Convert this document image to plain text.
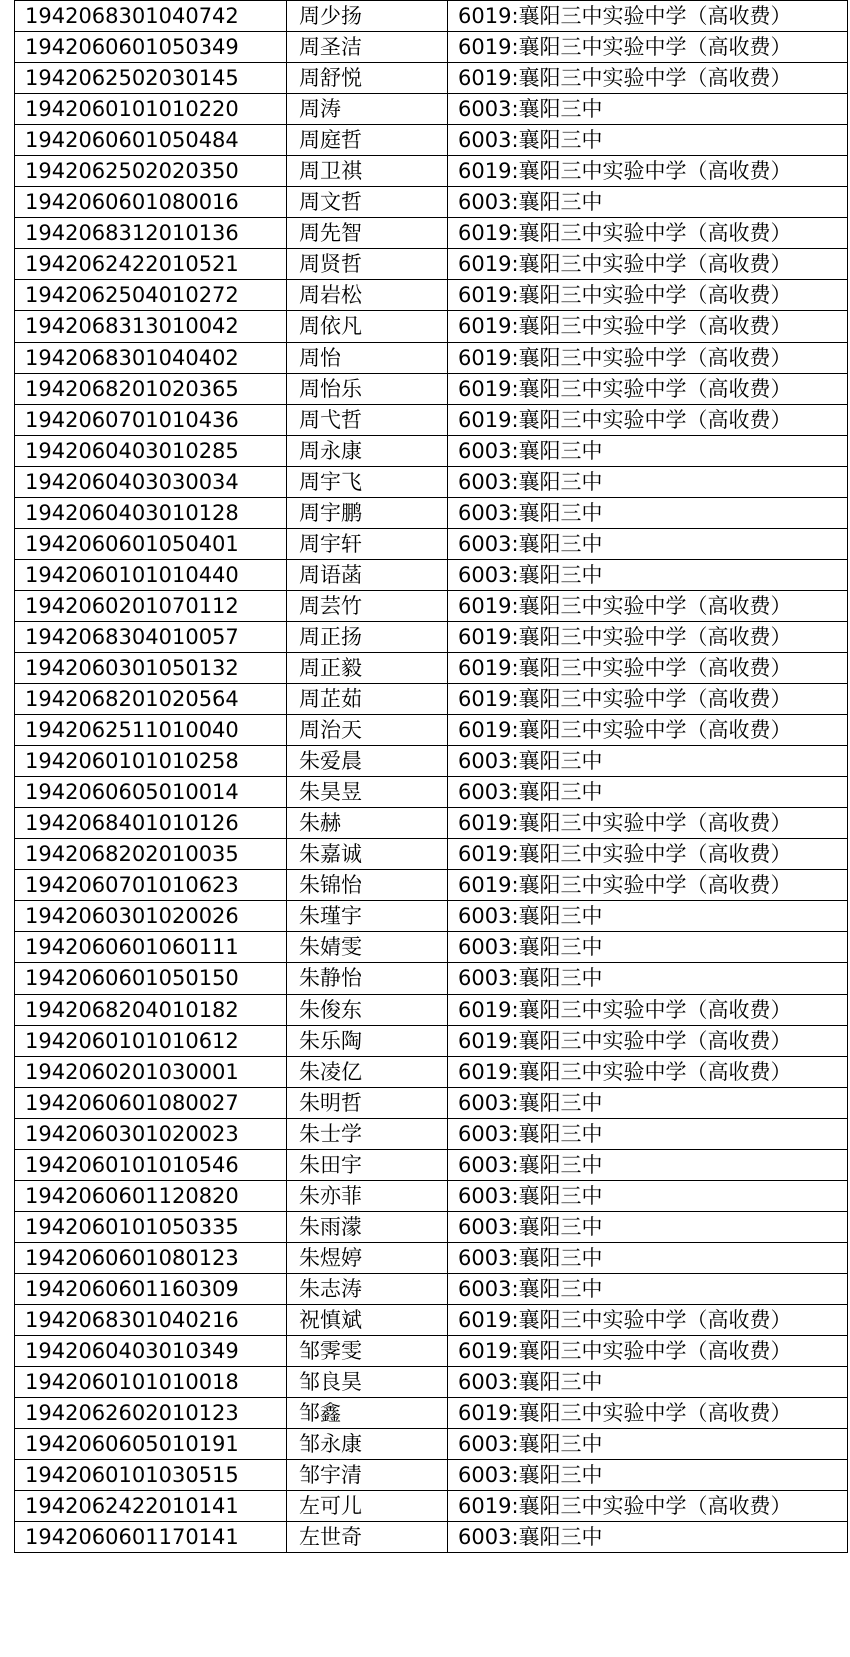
1942068301040742	周少扬	6019:襄阳三中实验中学（高收费）
1942060601050349	周圣洁	6019:襄阳三中实验中学（高收费）
1942062502030145	周舒悦	6019:襄阳三中实验中学（高收费）
1942060101010220	周涛	6003:襄阳三中
1942060601050484	周庭哲	6003:襄阳三中
1942062502020350	周卫祺	6019:襄阳三中实验中学（高收费）
1942060601080016	周文哲	6003:襄阳三中
1942068312010136	周先智	6019:襄阳三中实验中学（高收费）
1942062422010521	周贤哲	6019:襄阳三中实验中学（高收费）
1942062504010272	周岩松	6019:襄阳三中实验中学（高收费）
1942068313010042	周依凡	6019:襄阳三中实验中学（高收费）
1942068301040402	周怡	6019:襄阳三中实验中学（高收费）
1942068201020365	周怡乐	6019:襄阳三中实验中学（高收费）
1942060701010436	周弋哲	6019:襄阳三中实验中学（高收费）
1942060403010285	周永康	6003:襄阳三中
1942060403030034	周宇飞	6003:襄阳三中
1942060403010128	周宇鹏	6003:襄阳三中
1942060601050401	周宇轩	6003:襄阳三中
1942060101010440	周语菡	6003:襄阳三中
1942060201070112	周芸竹	6019:襄阳三中实验中学（高收费）
1942068304010057	周正扬	6019:襄阳三中实验中学（高收费）
1942060301050132	周正毅	6019:襄阳三中实验中学（高收费）
1942068201020564	周芷茹	6019:襄阳三中实验中学（高收费）
1942062511010040	周治天	6019:襄阳三中实验中学（高收费）
1942060101010258	朱爱晨	6003:襄阳三中
1942060605010014	朱昊昱	6003:襄阳三中
1942068401010126	朱赫	6019:襄阳三中实验中学（高收费）
1942068202010035	朱嘉诚	6019:襄阳三中实验中学（高收费）
1942060701010623	朱锦怡	6019:襄阳三中实验中学（高收费）
1942060301020026	朱瑾宇	6003:襄阳三中
1942060601060111	朱婧雯	6003:襄阳三中
1942060601050150	朱静怡	6003:襄阳三中
1942068204010182	朱俊东	6019:襄阳三中实验中学（高收费）
1942060101010612	朱乐陶	6019:襄阳三中实验中学（高收费）
1942060201030001	朱凌亿	6019:襄阳三中实验中学（高收费）
1942060601080027	朱明哲	6003:襄阳三中
1942060301020023	朱士学	6003:襄阳三中
1942060101010546	朱田宇	6003:襄阳三中
1942060601120820	朱亦菲	6003:襄阳三中
1942060101050335	朱雨濛	6003:襄阳三中
1942060601080123	朱煜婷	6003:襄阳三中
1942060601160309	朱志涛	6003:襄阳三中
1942068301040216	祝慎斌	6019:襄阳三中实验中学（高收费）
1942060403010349	邹霁雯	6019:襄阳三中实验中学（高收费）
1942060101010018	邹良昊	6003:襄阳三中
1942062602010123	邹鑫	6019:襄阳三中实验中学（高收费）
1942060605010191	邹永康	6003:襄阳三中
1942060101030515	邹宇清	6003:襄阳三中
1942062422010141	左可儿	6019:襄阳三中实验中学（高收费）
1942060601170141	左世奇	6003:襄阳三中
